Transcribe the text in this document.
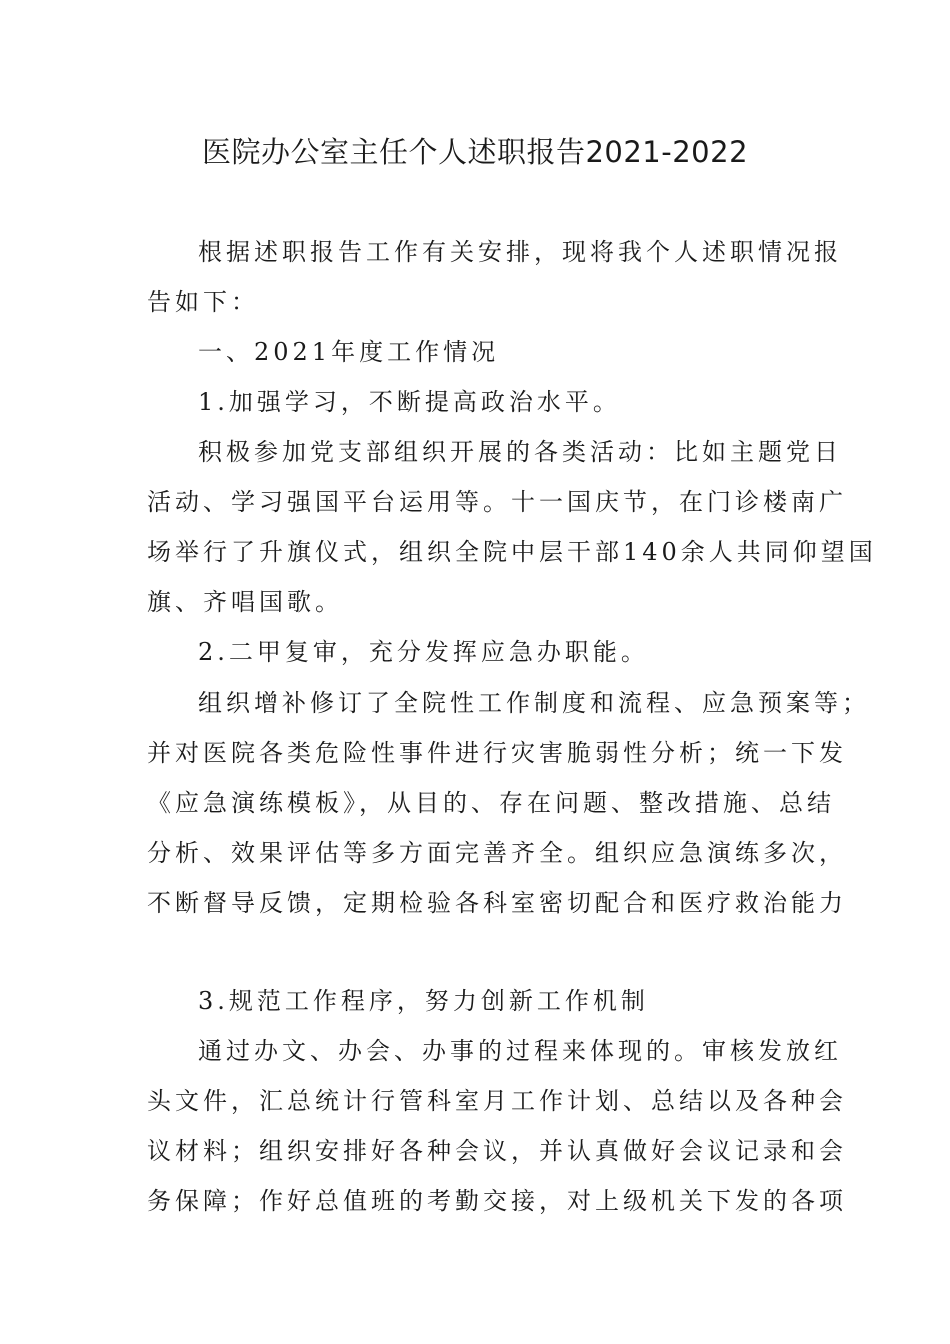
医院办公室主任个人述职报告2021-2022
根据述职报告工作有关安排，现将我个人述职情况报
告如下：
一、2021年度工作情况
1.加强学习，不断提高政治水平。
积极参加党支部组织开展的各类活动：比如主题党日
活动、学习强国平台运用等。十一国庆节，在门诊楼南广
场举行了升旗仪式，组织全院中层干部140余人共同仰望国
旗、齐唱国歌。
2.二甲复审，充分发挥应急办职能。
组织增补修订了全院性工作制度和流程、应急预案等；
并对医院各类危险性事件进行灾害脆弱性分析；统一下发
《应急演练模板》，从目的、存在问题、整改措施、总结
分析、效果评估等多方面完善齐全。组织应急演练多次，
不断督导反馈，定期检验各科室密切配合和医疗救治能力
3.规范工作程序，努力创新工作机制
通过办文、办会、办事的过程来体现的。审核发放红
头文件，汇总统计行管科室月工作计划、总结以及各种会
议材料；组织安排好各种会议，并认真做好会议记录和会
务保障；作好总值班的考勤交接，对上级机关下发的各项
